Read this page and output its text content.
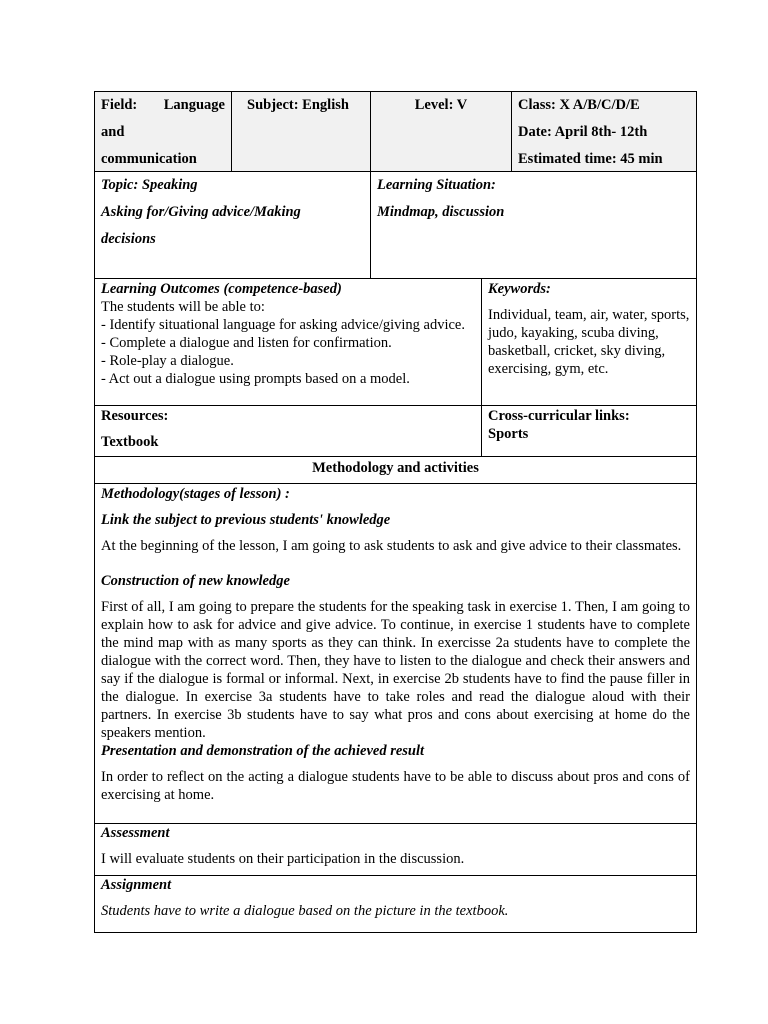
Field: Language
and
communication
Subject: English	Level: V	Class: X A/B/C/D/E
Date: April 8th- 12th
Estimated time: 45 min
Topic: Speaking
Asking for/Giving advice/Making
decisions
Learning Situation:
Mindmap, discussion
Learning Outcomes (competence-based)
The students will be able to:
- Identify situational language for asking advice/giving advice.
- Complete a dialogue and listen for confirmation.
- Role-play a dialogue.
- Act out a dialogue using prompts based on a model.
Keywords:
Individual, team, air, water, sports, judo, kayaking, scuba diving, basketball, cricket, sky diving, exercising, gym, etc.
Resources:
Textbook
Cross-curricular links:
Sports
Methodology and activities

Methodology(stages of lesson) :

Link the subject to previous students' knowledge

At the beginning of the lesson, I am going to ask students to ask and give advice to their classmates.

Construction of new knowledge

First of all, I am going to prepare the students for the speaking task in exercise 1. Then, I am going to explain how to ask for advice and give advice. To continue, in exercise 1 students have to complete the mind map with as many sports as they can think. In exercisse 2a students have to complete the dialogue with the correct word. Then, they have to listen to the dialogue and check their answers and say if the dialogue is formal or informal. Next, in exercise 2b students have to find the pause filler in the dialogue. In exercise 3a students have to take roles and read the dialogue aloud with their partners. In exercise 3b students have to say what pros and cons about exercising at home do the speakers mention.

Presentation and demonstration of the achieved result

In order to reflect on the acting a dialogue students have to be able to discuss about pros and cons of exercising at home.

Assessment

I will evaluate students on their participation in the discussion.

Assignment

Students have to write a dialogue based on the picture in the textbook.
